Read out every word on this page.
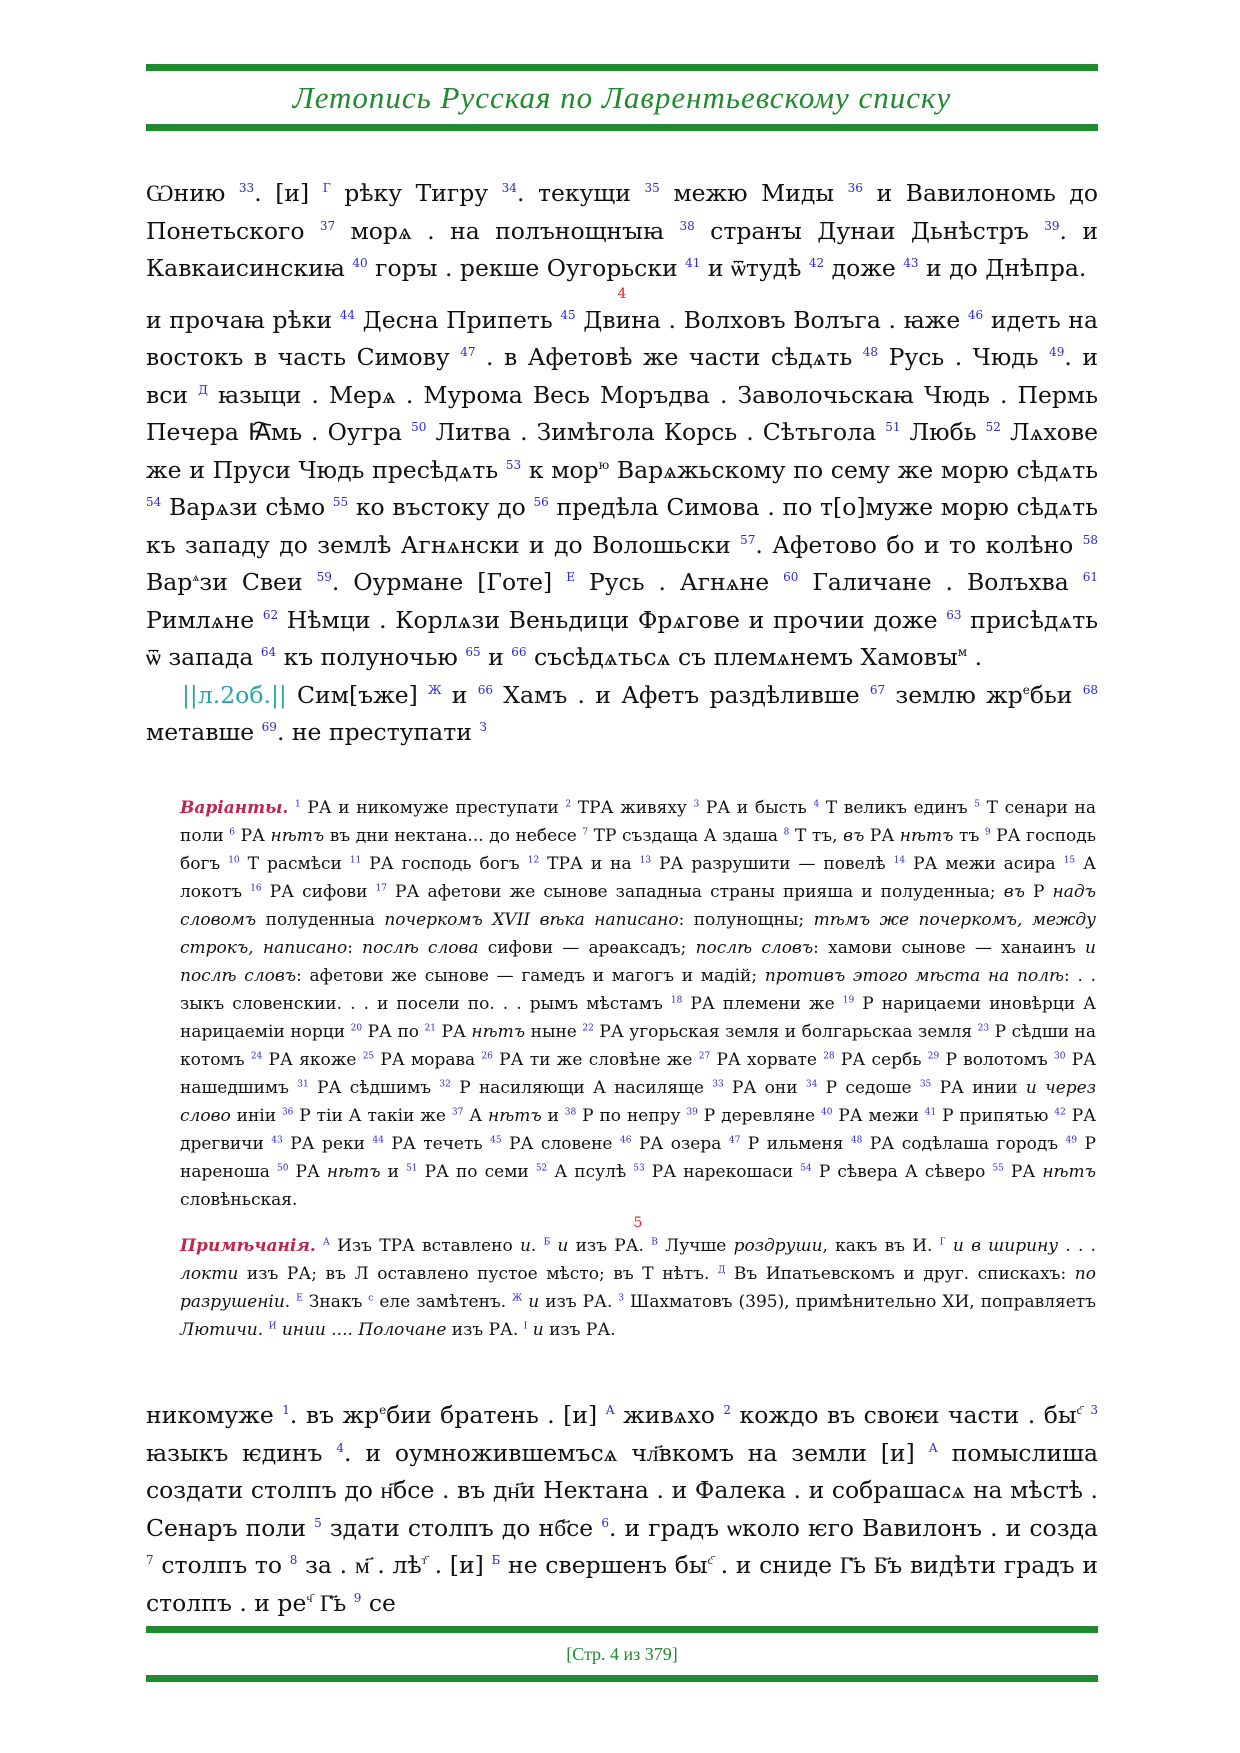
Летопись Русская по Лаврентьевскому списку

Ѡнию $^{33}$. [и] $^Г$ рѣку Тигру $^{34}$. текущи $^{35}$ межю Миды $^{36}$ и Вавилономь до Понетьского $^{37}$ морѧ . на полънощнꙑꙗ $^{38}$ странꙑ Дунаи Дьнѣстръ $^{39}$. и Кавкаисинскиꙗ $^{40}$ горꙑ . рекше Оугорьски $^{41}$ и ѿтудѣ $^{42}$ доже $^{43}$ и до Днѣпра.

4

и прочаꙗ рѣки $^{44}$ Десна Припеть $^{45}$ Двина . Волховъ Волъга . ꙗже $^{46}$ идеть на востокъ в часть Симову $^{47}$ . в Афетовѣ же части сѣдѧть $^{48}$ Русь . Чюдь $^{49}$. и вси $^Д$ ꙗзыци . Мерѧ . Мурома Весь Моръдва . Заволочьскаꙗ Чюдь . Пермь Печера Ꙗ҇мь . Оугра $^{50}$ Литва . Зимѣгола Корсь . Сѣтьгола $^{51}$ Любь $^{52}$ Лѧхове же и Пруси Чюдь пресѣдѧть $^{53}$ к мор$^ю$ Варѧжьскому по сему же морю сѣдѧть $^{54}$ Варѧзи сѣмо $^{55}$ ко въстоку до $^{56}$ предѣла Симова . по т[о]муже морю сѣдѧть къ западу до землѣ Агнѧнски и до Волошьски $^{57}$. Афетово бо и то колѣно $^{58}$ Вар$^ѧ$зи Свеи $^{59}$. Оурмане [Готе] $^Е$ Русь . Агнѧне $^{60}$ Галичане . Волъхва $^{61}$ Римлѧне $^{62}$ Нѣмци . Корлѧзи Веньдици Фрѧгове и прочии доже $^{63}$ присѣдѧть ѿ запада $^{64}$ къ полуночью $^{65}$ и $^{66}$ съсѣдѧтьсѧ съ племѧнемъ Хамовꙑ$^м$ .

||л.2об.|| Сим[ъже] $^Ж$ и $^{66}$ Хамъ . и Афетъ раздѣливше $^{67}$ землю $жр^ебьи$ $^{68}$ метавше $^{69}$. не преступати $^З$

Варіанты. $^1$ РА и никомуже преступати $^2$ ТРА живяху $^3$ РА и бысть $^4$ Т великъ единъ $^5$ Т сенари на поли $^6$ РА нѣтъ въ дни нектана... до небесе $^7$ ТР създаща А здаша $^8$ Т тъ, въ РА нѣтъ тъ $^9$ РА господь богъ $^{10}$ Т расмѣси $^{11}$ РА господь богъ $^{12}$ ТРА и на $^{13}$ РА разрушити — повелѣ $^{14}$ РА межи асира $^{15}$ А локотъ $^{16}$ РА сифови $^{17}$ РА афетови же сынове западныа страны прияша и полуденныа; въ Р надъ словомъ полуденныа почеркомъ XVII вѣка написано: полунощны; тѣмъ же почеркомъ, между строкъ, написано: послѣ слова сифови — арѳаксадъ; послѣ словъ: хамови сынове — ханаинъ и послѣ словъ: афетови же сынове — гамедъ и магогъ и мадій; противъ этого мѣста на полѣ: . . зыкъ словенскии. . . и посели по. . . рымъ мѣстамъ $^{18}$ РА племени же $^{19}$ Р нарицаеми иновѣрци А нарицаеміи норци $^{20}$ РА по $^{21}$ РА нѣтъ ныне $^{22}$ РА угорьская земля и болгарьскаа земля $^{23}$ Р сѣдши на котомъ $^{24}$ РА якоже $^{25}$ РА морава $^{26}$ РА ти же словѣне же $^{27}$ РА хорвате $^{28}$ РА сербь $^{29}$ Р волотомъ $^{30}$ РА нашедшимъ $^{31}$ РА сѣдшимъ $^{32}$ Р насиляющи А насиляще $^{33}$ РА они $^{34}$ Р седоше $^{35}$ РА инии и через слово иніи $^{36}$ Р тіи А такіи же $^{37}$ А нѣтъ и $^{38}$ Р по непру $^{39}$ Р деревляне $^{40}$ РА межи $^{41}$ Р припятью $^{42}$ РА дрегвичи $^{43}$ РА реки $^{44}$ РА течеть $^{45}$ РА словене $^{46}$ РА озера $^{47}$ Р ильменя $^{48}$ РА содѣлаша городъ $^{49}$ Р нареноша $^{50}$ РА нѣтъ и $^{51}$ РА по семи $^{52}$ А псулѣ $^{53}$ РА нарекошаси $^{54}$ Р сѣвера А сѣверо $^{55}$ РА нѣтъ словѣньская.

5

Примѣчанія. $^А$ Изъ ТРА вставлено и. $^Б$ и изъ РА. $^В$ Лучше роздруши, какъ въ И. $^Г$ и в ширину . . . локти изъ РА; въ Л оставлено пустое мѣсто; въ Т нѣтъ. $^Д$ Въ Ипатьевскомъ и друг. спискахъ: по разрушеніи. $^Е$ Знакъ $^с$ еле замѣтенъ. $^Ж$ и изъ РА. $^З$ Шахматовъ (395), примѣнительно ХИ, поправляетъ Лютичи. $^И$ инии .... Полочане изъ РА. $^І$ и изъ РА.

никомуже $^1$. въ $жр^ебии$ братень . [и] $^А$ живѧхо $^2$ кождо въ своѥи части . $бы^{с҃}$ $^3$ ꙗзыкъ ѥдинъ $^4$. и оумножившемъсѧ чл҃вкомъ на земли [и] $^А$ помыслиша создати столпъ до н҃бсе . въ дн҃и Нектана . и Фалека . и собрашасѧ на мѣстѣ . Сенаръ поли $^5$ здати столпъ до нб҃се $^6$. и градъ ѡколо ѥго Вавилонъ . и созда $^7$ столпъ то $^8$ за . м҃ . $лѣ^{т҃}$ . [и] $^Б$ не свершенъ $бы^{с҃}$ . и сниде Г҃ь Б҃ъ видѣти градъ и столпъ . и $ре^{ч҃}$ Г҃ь $^9$ се

[Стр. 4 из 379]
